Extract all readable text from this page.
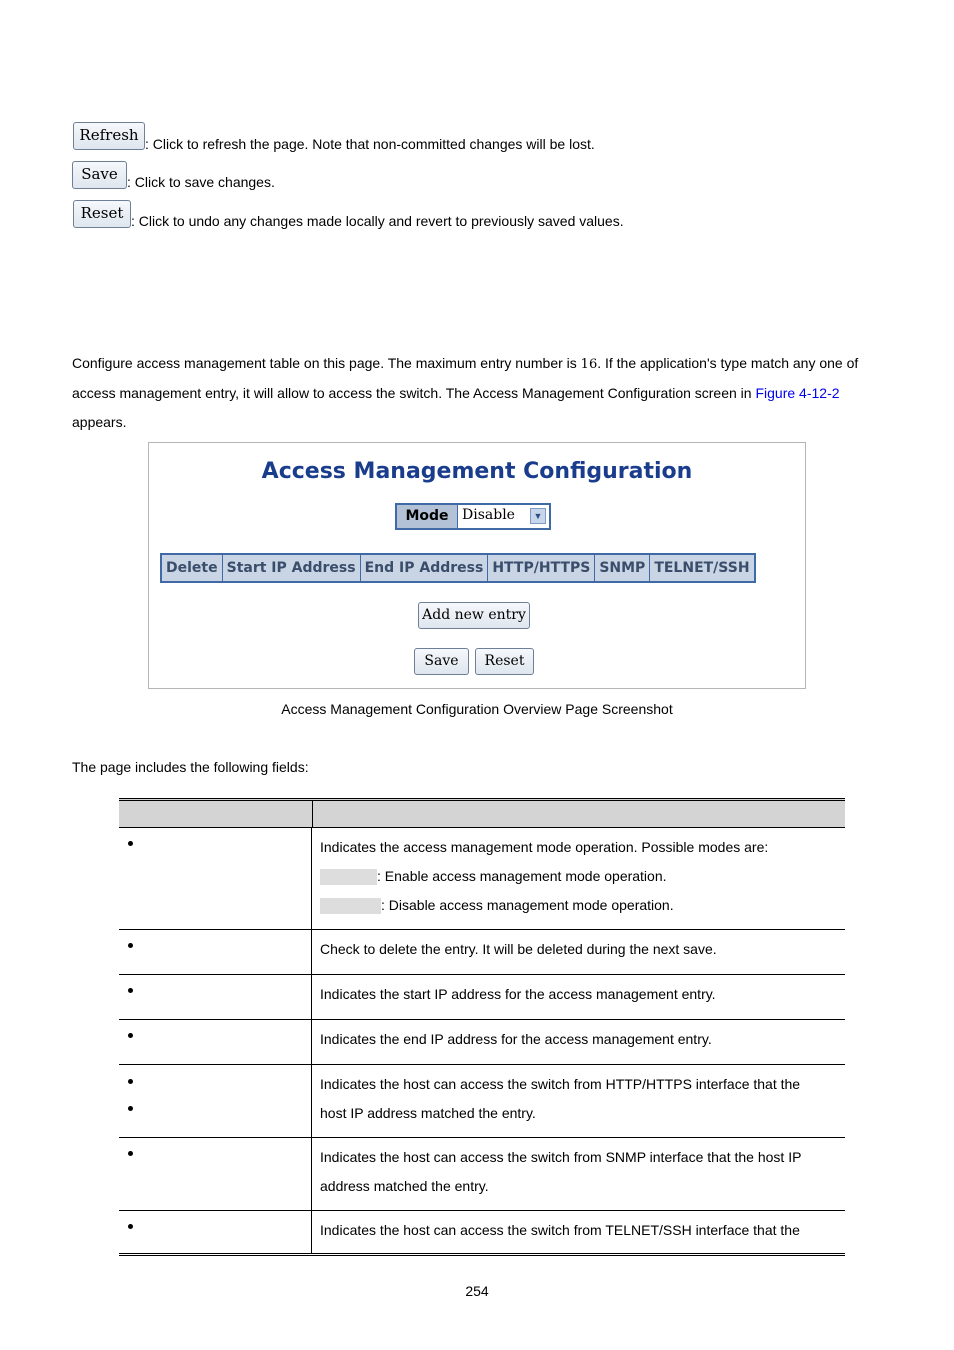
Refresh : Click to refresh the page. Note that non-committed changes will be lost.
Save : Click to save changes.
Reset : Click to undo any changes made locally and revert to previously saved values.
Configure access management table on this page. The maximum entry number is 16. If the application's type match any one of access management entry, it will allow to access the switch. The Access Management Configuration screen in Figure 4-12-2 appears.
Access Management Configuration
Mode Disable	▼
Delete Start IP Address End IP Address HTTP/HTTPS SNMP TELNET/SSH
Add new entry
Save	Reset
Access Management Configuration Overview Page Screenshot
The page includes the following fields:
Indicates the access management mode operation. Possible modes are:
: Enable access management mode operation.
: Disable access management mode operation.
Check to delete the entry. It will be deleted during the next save.
Indicates the start IP address for the access management entry.
Indicates the end IP address for the access management entry.
Indicates the host can access the switch from HTTP/HTTPS interface that the
host IP address matched the entry.
Indicates the host can access the switch from SNMP interface that the host IP
address matched the entry.
Indicates the host can access the switch from TELNET/SSH interface that the
254
